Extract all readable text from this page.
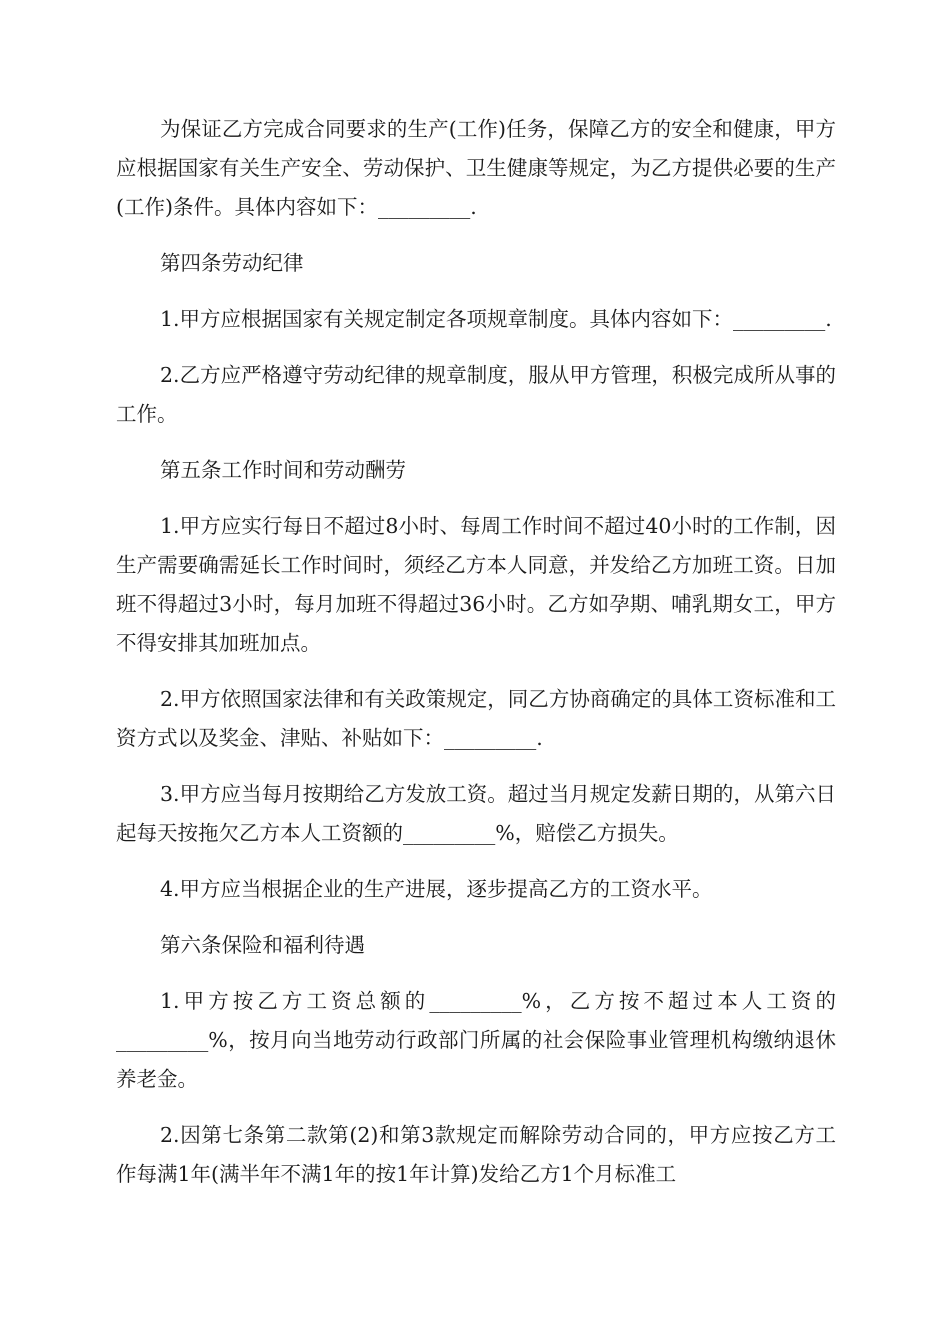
为保证乙方完成合同要求的生产(工作)任务，保障乙方的安全和健康，甲方应根据国家有关生产安全、劳动保护、卫生健康等规定，为乙方提供必要的生产(工作)条件。具体内容如下：_________.

第四条劳动纪律

1.甲方应根据国家有关规定制定各项规章制度。具体内容如下：_________.

2.乙方应严格遵守劳动纪律的规章制度，服从甲方管理，积极完成所从事的工作。

第五条工作时间和劳动酬劳

1.甲方应实行每日不超过8小时、每周工作时间不超过40小时的工作制，因生产需要确需延长工作时间时，须经乙方本人同意，并发给乙方加班工资。日加班不得超过3小时，每月加班不得超过36小时。乙方如孕期、哺乳期女工，甲方不得安排其加班加点。

2.甲方依照国家法律和有关政策规定，同乙方协商确定的具体工资标准和工资方式以及奖金、津贴、补贴如下：_________.

3.甲方应当每月按期给乙方发放工资。超过当月规定发薪日期的，从第六日起每天按拖欠乙方本人工资额的_________%，赔偿乙方损失。

4.甲方应当根据企业的生产进展，逐步提高乙方的工资水平。

第六条保险和福利待遇

1.甲方按乙方工资总额的_________%，乙方按不超过本人工资的_________%，按月向当地劳动行政部门所属的社会保险事业管理机构缴纳退休养老金。

2.因第七条第二款第(2)和第3款规定而解除劳动合同的，甲方应按乙方工作每满1年(满半年不满1年的按1年计算)发给乙方1个月标准工
